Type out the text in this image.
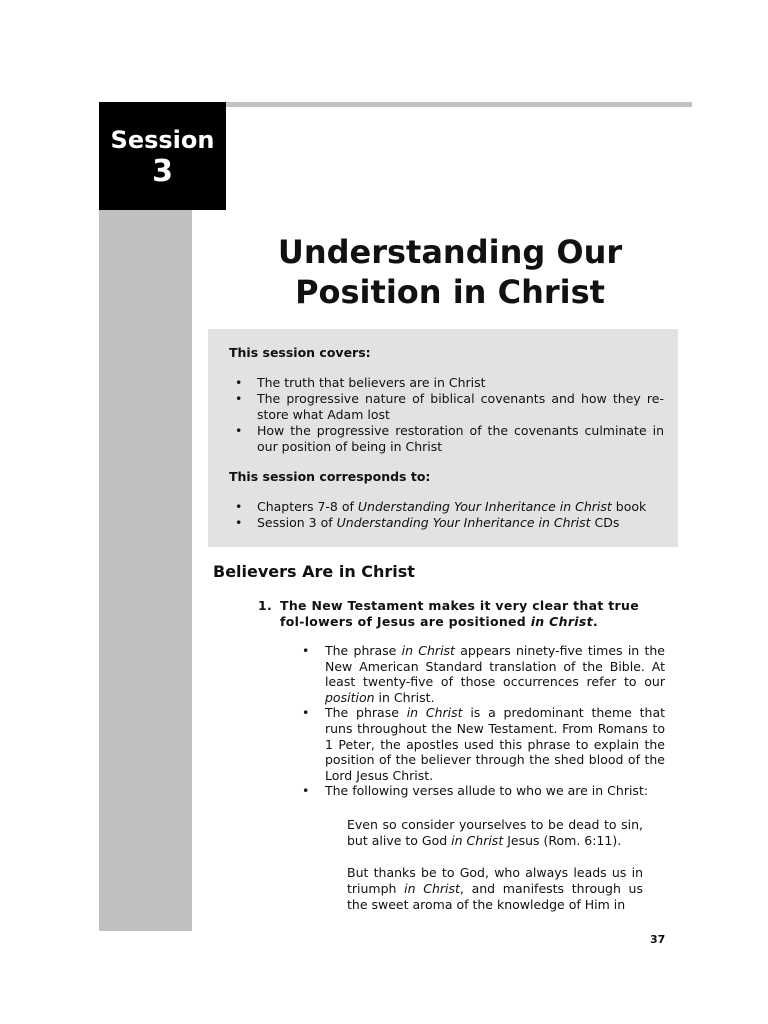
Session
3
Understanding Our
Position in Christ

This session covers:

• The truth that believers are in Christ
• The progressive nature of biblical covenants and how they re-store what Adam lost
• How the progressive restoration of the covenants culminate in our position of being in Christ

This session corresponds to:

• Chapters 7-8 of Understanding Your Inheritance in Christ book
• Session 3 of Understanding Your Inheritance in Christ CDs
Believers Are in Christ

1. The New Testament makes it very clear that true fol-lowers of Jesus are positioned in Christ.

• The phrase in Christ appears ninety-five times in the New American Standard translation of the Bible. At least twenty-five of those occurrences refer to our position in Christ.
• The phrase in Christ is a predominant theme that runs throughout the New Testament. From Romans to 1 Peter, the apostles used this phrase to explain the position of the believer through the shed blood of the Lord Jesus Christ.
• The following verses allude to who we are in Christ:

Even so consider yourselves to be dead to sin, but alive to God in Christ Jesus (Rom. 6:11).

But thanks be to God, who always leads us in triumph in Christ, and manifests through us the sweet aroma of the knowledge of Him in

37
